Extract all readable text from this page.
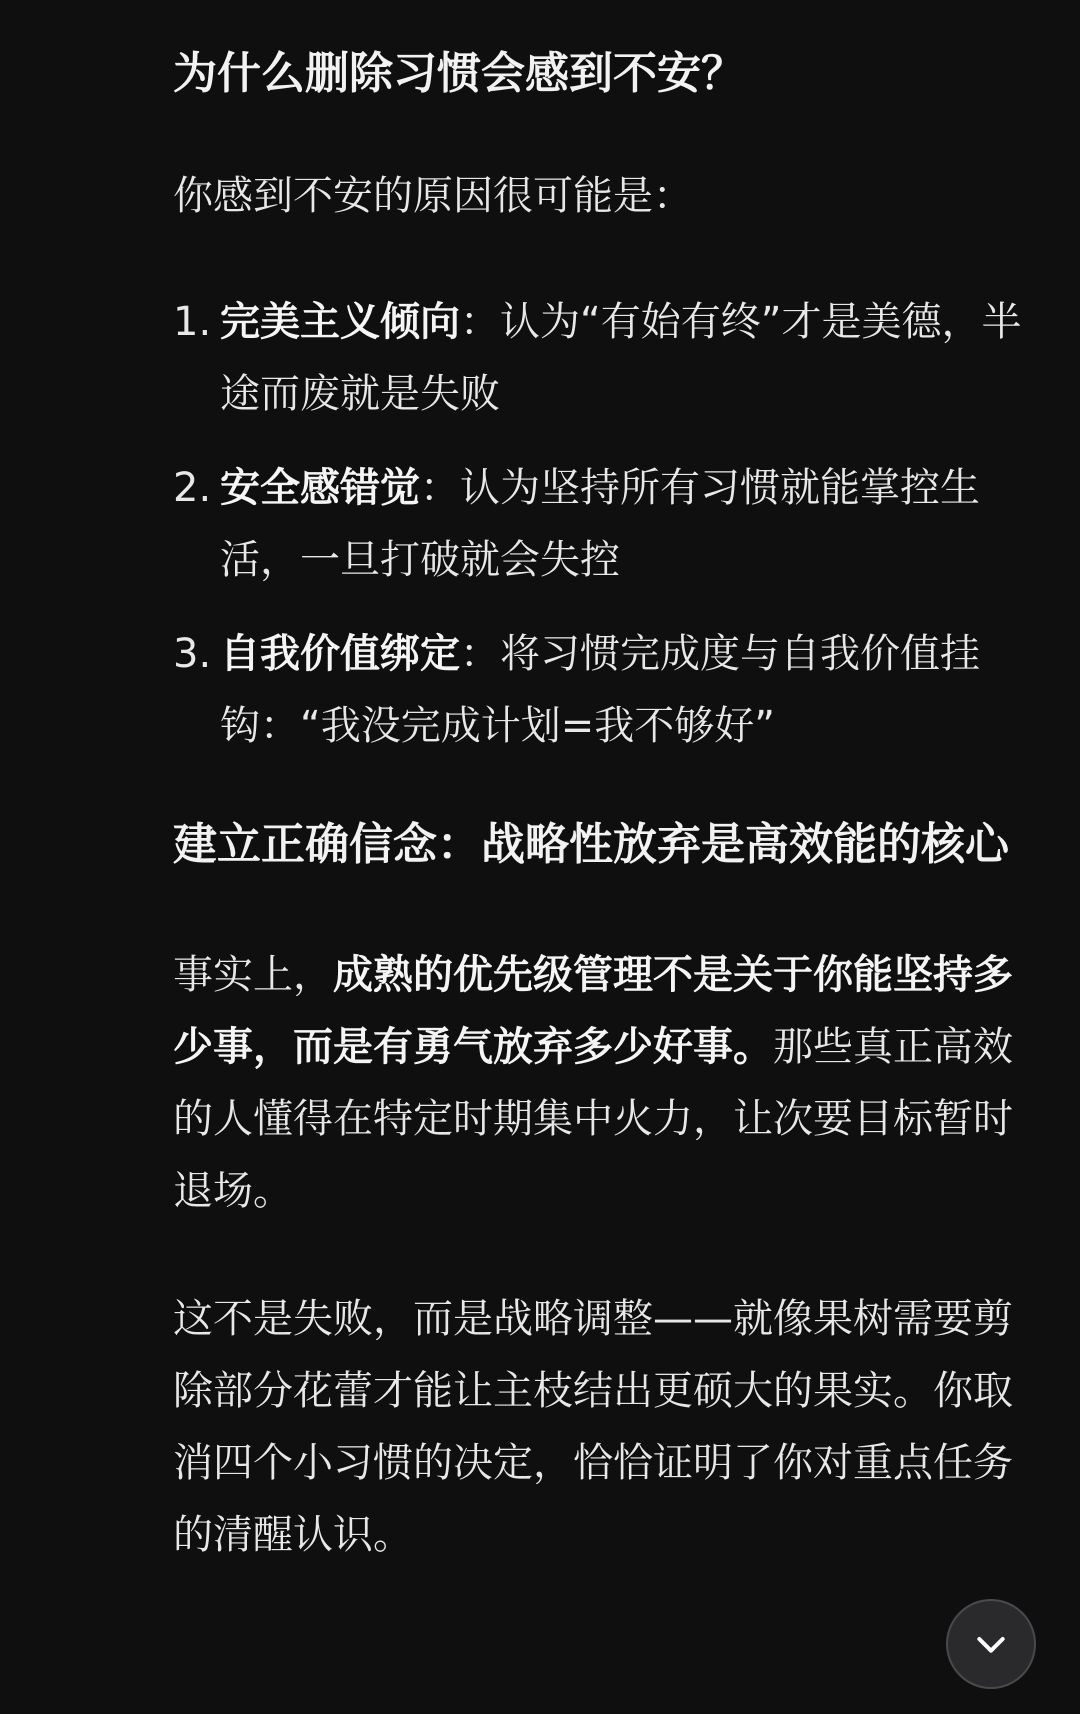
为什么删除习惯会感到不安？

你感到不安的原因很可能是：

1. 完美主义倾向：认为“有始有终”才是美德，半途而废就是失败
2. 安全感错觉：认为坚持所有习惯就能掌控生活，一旦打破就会失控
3. 自我价值绑定：将习惯完成度与自我价值挂钩：“我没完成计划=我不够好”
建立正确信念：战略性放弃是高效能的核心

事实上，成熟的优先级管理不是关于你能坚持多少事，而是有勇气放弃多少好事。那些真正高效的人懂得在特定时期集中火力，让次要目标暂时退场。

这不是失败，而是战略调整——就像果树需要剪除部分花蕾才能让主枝结出更硕大的果实。你取消四个小习惯的决定，恰恰证明了你对重点任务的清醒认识。
